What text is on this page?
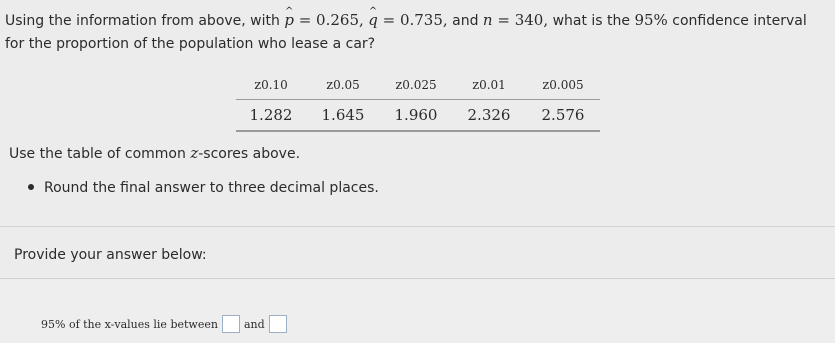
Using the information from above, with ^ p = 0.265, ^ q = 0.735, and n = 340, what is the 95% confidence interval for the proportion of the population who lease a car?

z0.10	z0.05	z0.025	z0.01	z0.005
1.282	1.645	1.960	2.326	2.576

Use the table of common z-scores above.

Round the final answer to three decimal places.

Provide your answer below:

95% of the x-values lie between and
